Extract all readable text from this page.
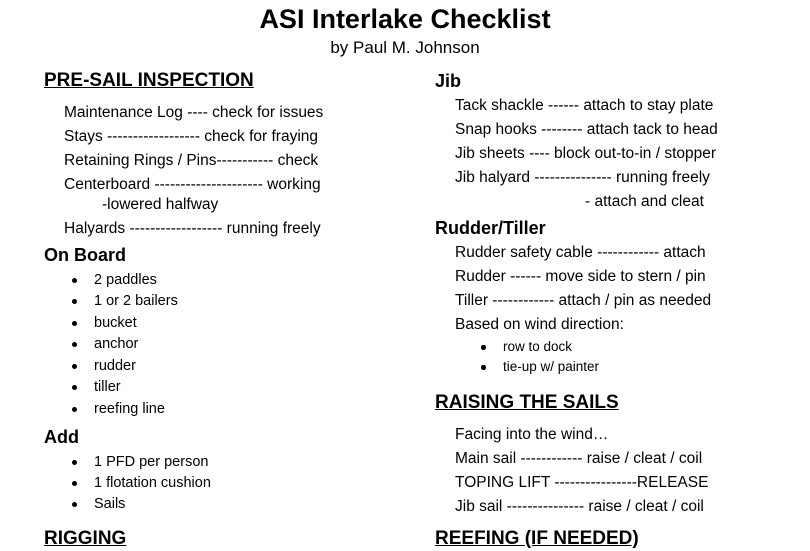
ASI Interlake Checklist
by Paul M. Johnson
PRE-SAIL INSPECTION
Maintenance Log ---- check for issues
Stays ------------------ check for fraying
Retaining Rings / Pins----------- check
Centerboard --------------------- working
-lowered halfway
Halyards ------------------ running freely
On Board
2 paddles
1 or 2 bailers
bucket
anchor
rudder
tiller
reefing line
Add
1 PFD per person
1 flotation cushion
Sails
RIGGING
Jib
Tack shackle ------ attach to stay plate
Snap hooks -------- attach tack to head
Jib sheets ---- block out-to-in / stopper
Jib halyard --------------- running freely
- attach and cleat
Rudder/Tiller
Rudder safety cable ------------ attach
Rudder ------ move side to stern / pin
Tiller ------------ attach / pin as needed
Based on wind direction:
row to dock
tie-up w/ painter
RAISING THE SAILS
Facing into the wind…
Main sail ------------ raise / cleat / coil
TOPING LIFT ----------------RELEASE
Jib sail --------------- raise / cleat / coil
REEFING (IF NEEDED)
